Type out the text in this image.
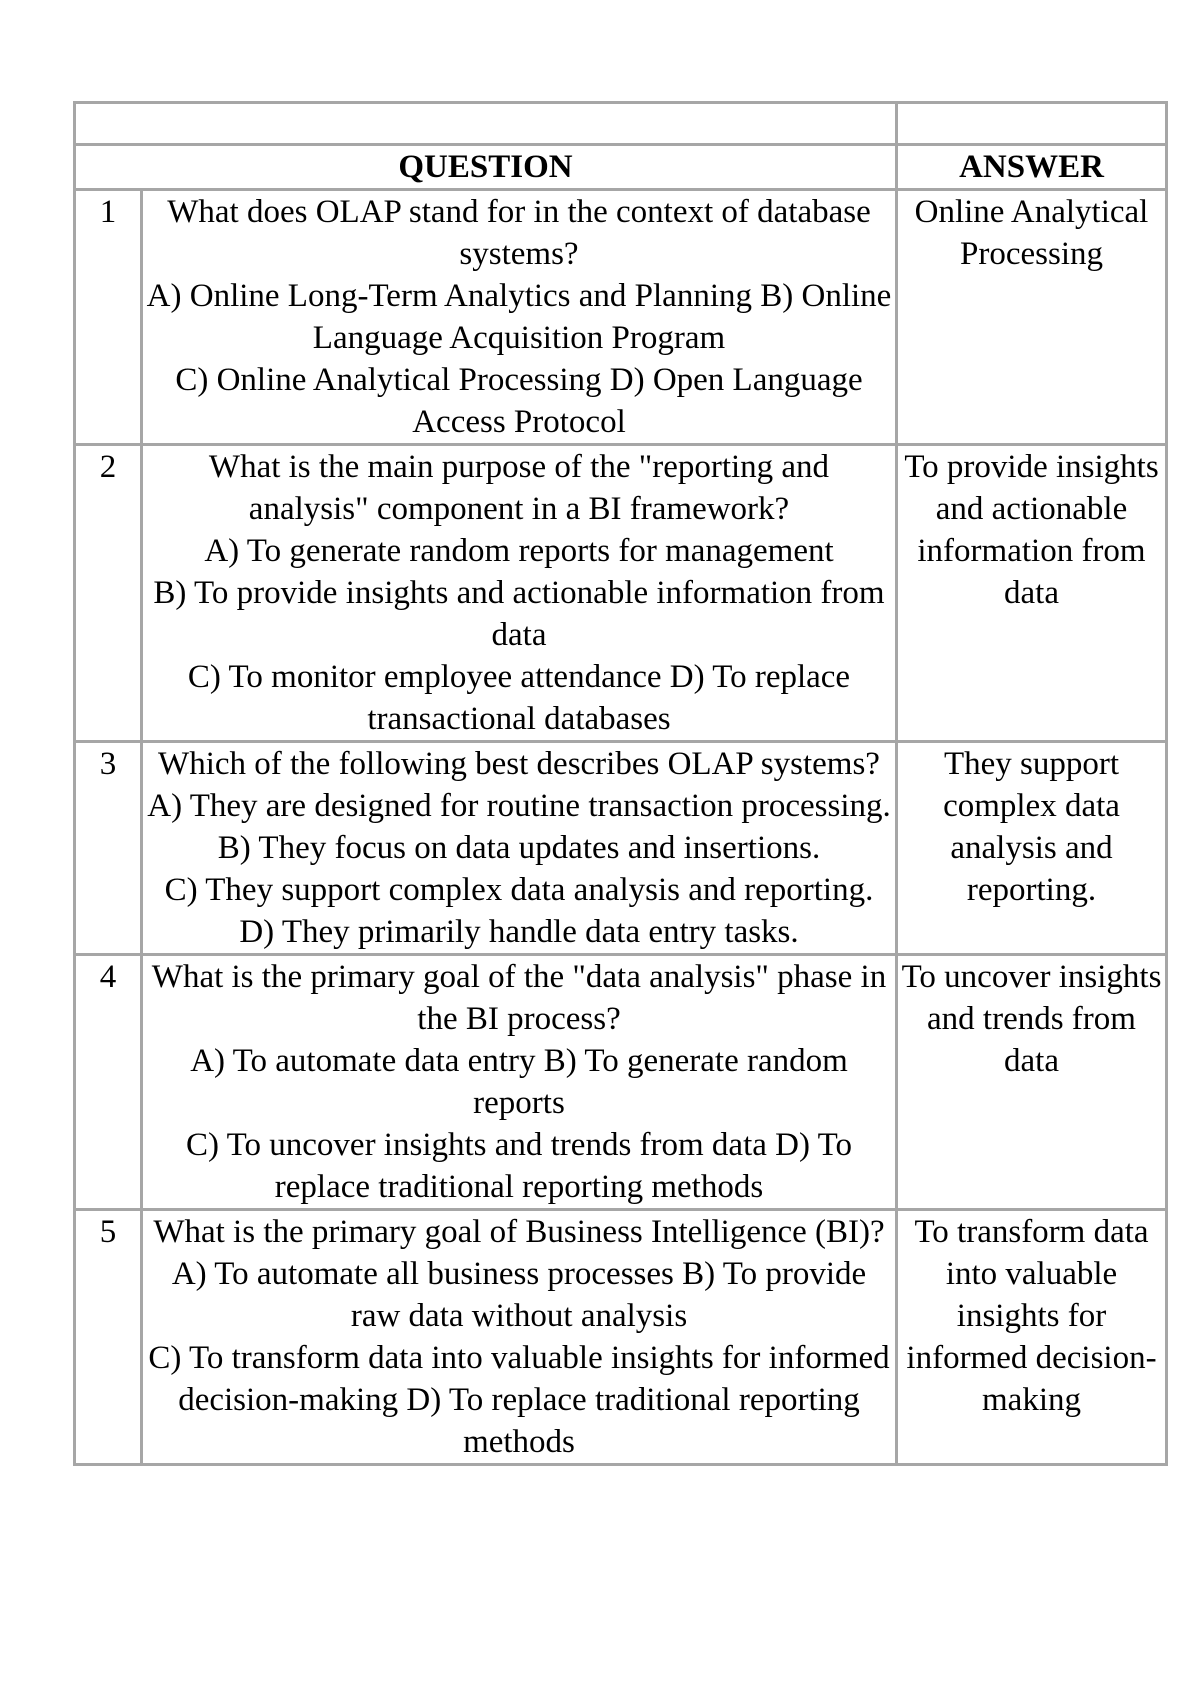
QUESTION		ANSWER
1	What does OLAP stand for in the context of database systems?
A) Online Long-Term Analytics and Planning B) Online Language Acquisition Program
C) Online Analytical Processing D) Open Language Access Protocol	Online Analytical Processing
2	What is the main purpose of the "reporting and analysis" component in a BI framework?
A) To generate random reports for management
B) To provide insights and actionable information from data
C) To monitor employee attendance D) To replace transactional databases	To provide insights and actionable information from data
3	Which of the following best describes OLAP systems?
A) They are designed for routine transaction processing. B) They focus on data updates and insertions.
C) They support complex data analysis and reporting. D) They primarily handle data entry tasks.	They support complex data analysis and reporting.
4	What is the primary goal of the "data analysis" phase in the BI process?
A) To automate data entry B) To generate random reports
C) To uncover insights and trends from data D) To replace traditional reporting methods	To uncover insights and trends from data
5	What is the primary goal of Business Intelligence (BI)?
A) To automate all business processes B) To provide raw data without analysis
C) To transform data into valuable insights for informed decision-making D) To replace traditional reporting methods	To transform data into valuable insights for informed decision-making
